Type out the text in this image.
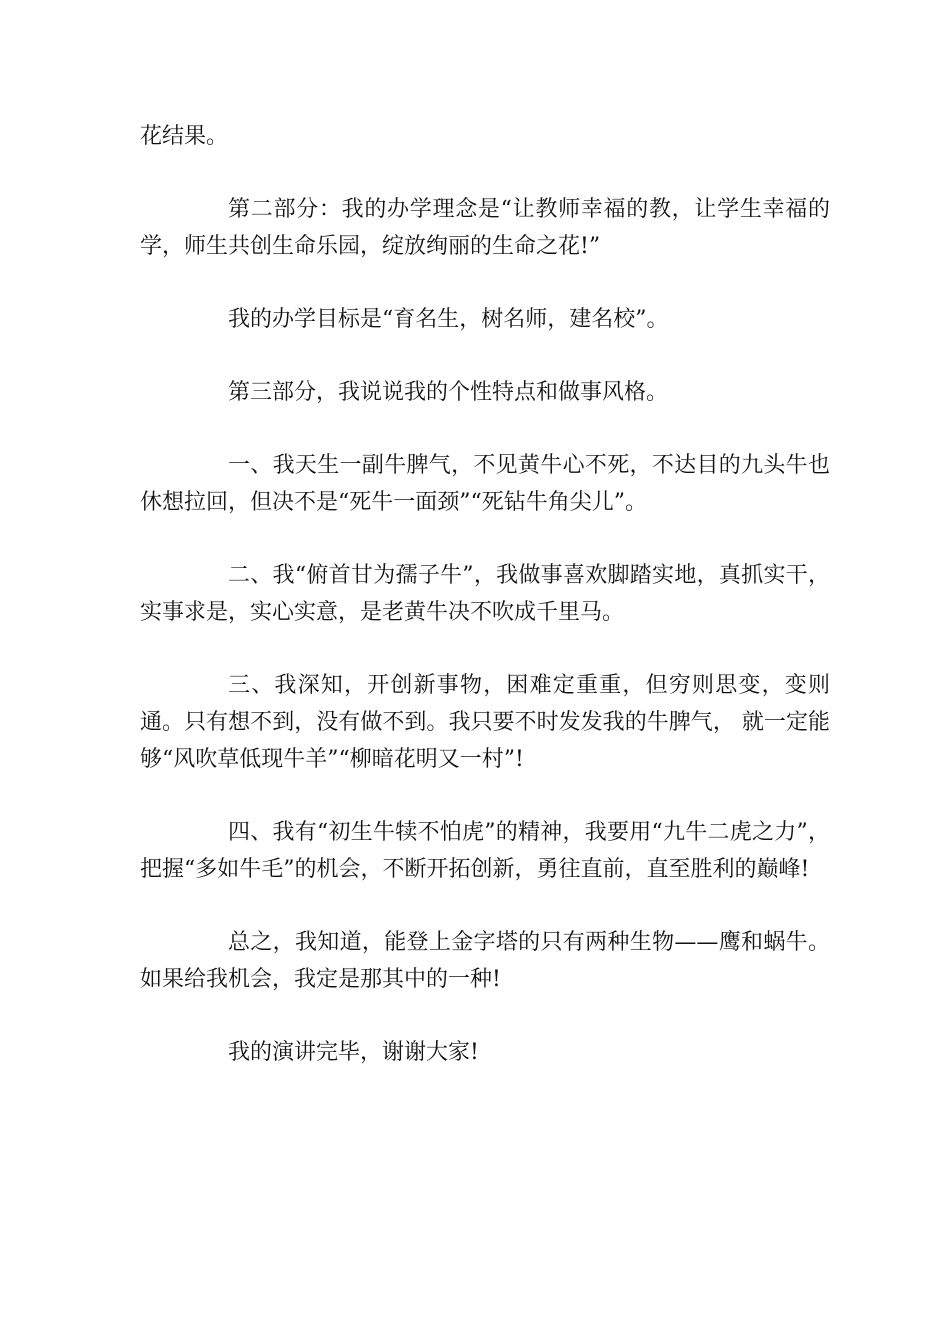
花结果。

第二部分：我的办学理念是“让教师幸福的教，让学生幸福的学，师生共创生命乐园，绽放绚丽的生命之花!”

我的办学目标是“育名生，树名师，建名校”。

第三部分，我说说我的个性特点和做事风格。

一、我天生一副牛脾气，不见黄牛心不死，不达目的九头牛也休想拉回，但决不是“死牛一面颈”“死钻牛角尖儿”。

二、我“俯首甘为孺子牛”，我做事喜欢脚踏实地，真抓实干，实事求是，实心实意，是老黄牛决不吹成千里马。

三、我深知，开创新事物，困难定重重，但穷则思变，变则通。只有想不到，没有做不到。我只要不时发发我的牛脾气， 就一定能够“风吹草低现牛羊”“柳暗花明又一村”!

四、我有“初生牛犊不怕虎”的精神，我要用“九牛二虎之力”，把握“多如牛毛”的机会，不断开拓创新，勇往直前，直至胜利的巅峰!

总之，我知道，能登上金字塔的只有两种生物——鹰和蜗牛。如果给我机会，我定是那其中的一种!

我的演讲完毕，谢谢大家!
